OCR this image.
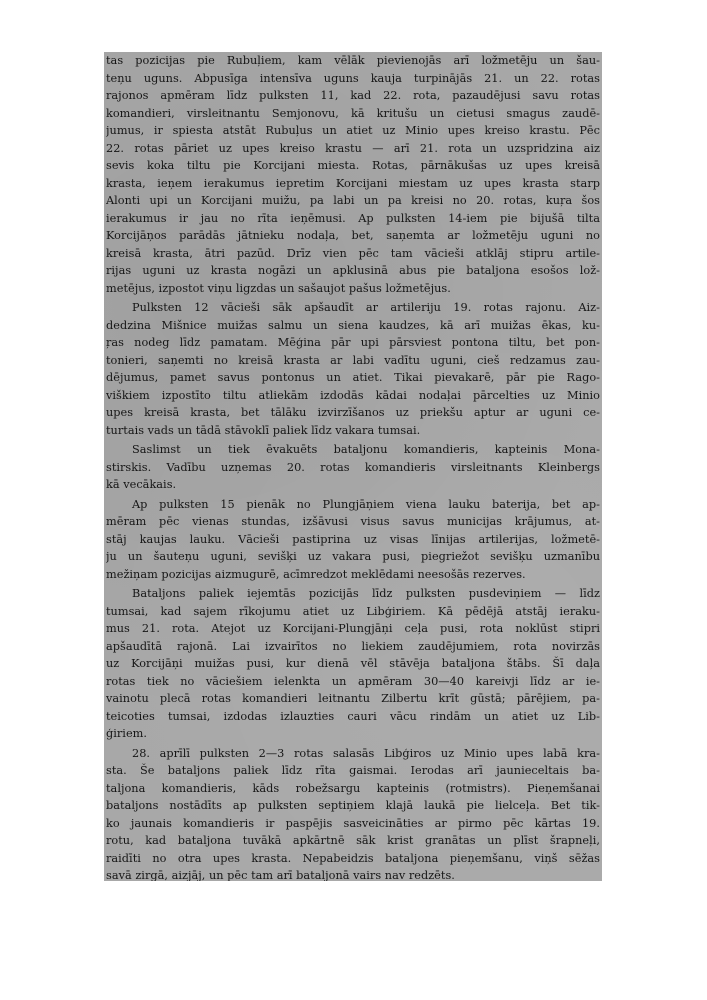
tas pozicijas pie Rubuļiem, kam vēlāk pievienojās arī ložmetēju un šau-
teņu uguns. Abpusīga intensīva uguns kauja turpinājās 21. un 22. rotas
rajonos apmēram līdz pulksten 11, kad 22. rota, pazaudējusi savu rotas
komandieri, virsleitnantu Semjonovu, kā kritušu un cietusi smagus zaudē-
jumus, ir spiesta atstāt Rubuļus un atiet uz Minio upes kreiso krastu. Pēc
22. rotas pāriet uz upes kreiso krastu — arī 21. rota un uzspridzina aiz
sevis koka tiltu pie Korcijani miesta. Rotas, pārnākušas uz upes kreisā
krasta, ieņem ierakumus iepretim Korcijani miestam uz upes krasta starp
Alonti upi un Korcijani muižu, pa labi un pa kreisi no 20. rotas, kuŗa šos
ierakumus ir jau no rīta ieņēmusi. Ap pulksten 14-iem pie bijušā tilta
Korcijāņos parādās jātnieku nodaļa, bet, saņemta ar ložmetēju uguni no
kreisā krasta, ātri pazūd. Drīz vien pēc tam vācieši atklāj stipru artile-
rijas uguni uz krasta nogāzi un apklusinā abus pie bataljona esošos lož-
metējus, izpostot viņu ligzdas un sašaujot pašus ložmetējus.
Pulksten 12 vācieši sāk apšaudīt ar artileriju 19. rotas rajonu. Aiz-
dedzina Mišnice muižas salmu un siena kaudzes, kā arī muižas ēkas, ku-
ŗas nodeg līdz pamatam. Mēģina pār upi pārsviest pontona tiltu, bet pon-
tonieri, saņemti no kreisā krasta ar labi vadītu uguni, cieš redzamus zau-
dējumus, pamet savus pontonus un atiet. Tikai pievakarē, pār pie Rago-
viškiem izpostīto tiltu atliekām izdodās kādai nodaļai pārcelties uz Minio
upes kreisā krasta, bet tālāku izvirzīšanos uz priekšu aptur ar uguni ce-
turtais vads un tādā stāvoklī paliek līdz vakara tumsai.
Saslimst un tiek ēvakuēts bataljonu komandieris, kapteinis Mona-
stirskis. Vadību uzņemas 20. rotas komandieris virsleitnants Kleinbergs
kā vecākais.
Ap pulksten 15 pienāk no Plungjāņiem viena lauku baterija, bet ap-
mēram pēc vienas stundas, izšāvusi visus savus municijas krājumus, at-
stāj kaujas lauku. Vācieši pastiprina uz visas līnijas artilerijas, ložmetē-
ju un šauteņu uguni, sevišķi uz vakara pusi, piegriežot sevišķu uzmanību
mežiņam pozicijas aizmugurē, acīmredzot meklēdami neesošās rezerves.
Bataljons paliek iejemtās pozicijās līdz pulksten pusdeviņiem — līdz
tumsai, kad sajem rīkojumu atiet uz Libģiriem. Kā pēdējā atstāj ieraku-
mus 21. rota. Atejot uz Korcijani-Plungjāņi ceļa pusi, rota noklūst stipri
apšaudītā rajonā. Lai izvairītos no liekiem zaudējumiem, rota novirzās
uz Korcijāņi muižas pusi, kur dienā vēl stāvēja bataljona štābs. Šī daļa
rotas tiek no vāciešiem ielenkta un apmēram 30—40 kareivji līdz ar ie-
vainotu plecā rotas komandieri leitnantu Zilbertu krīt gūstā; pārējiem, pa-
teicoties tumsai, izdodas izlauzties cauri vācu rindām un atiet uz Lib-
ģiriem.
28. aprīlī pulksten 2—3 rotas salasās Libģiros uz Minio upes labā kra-
sta. Še bataljons paliek līdz rīta gaismai. Ierodas arī jaunieceltais ba-
taljona komandieris, kāds robežsargu kapteinis (rotmistrs). Pieņemšanai
bataljons nostādīts ap pulksten septiņiem klajā laukā pie lielceļa. Bet tik-
ko jaunais komandieris ir paspējis sasveicināties ar pirmo pēc kārtas 19.
rotu, kad bataljona tuvākā apkārtnē sāk krist granātas un plīst šrapneļi,
raidīti no otra upes krasta. Nepabeidzis bataljona pieņemšanu, viņš sēžas
savā zirgā, aizjāj, un pēc tam arī bataljonā vairs nav redzēts.
